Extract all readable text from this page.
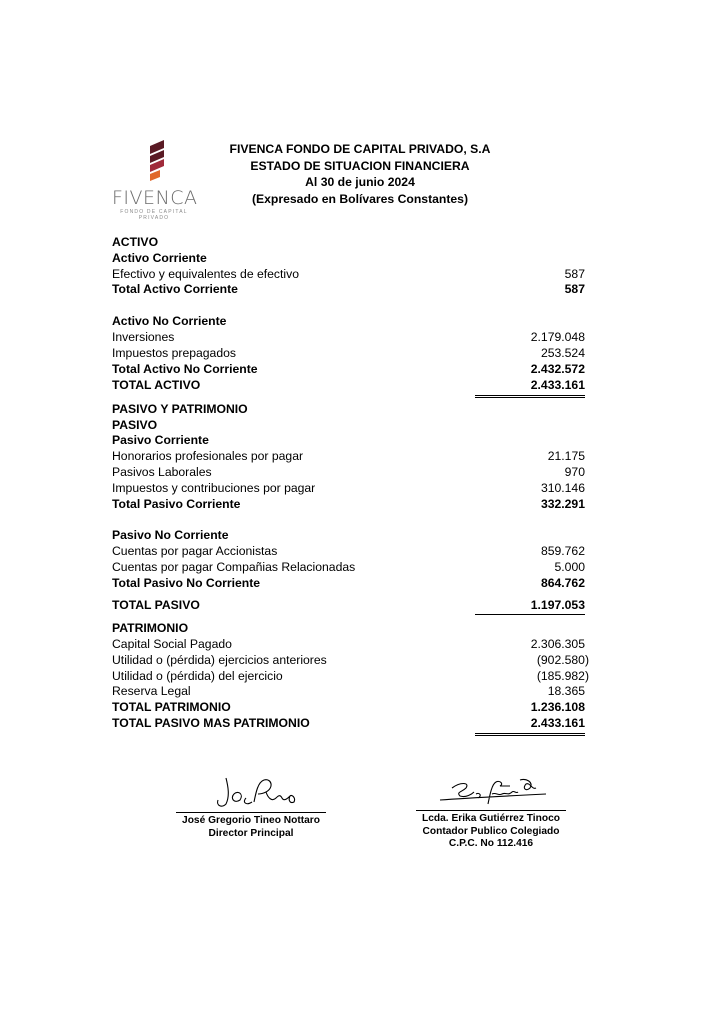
FIVENCA
FONDO DE CAPITAL
PRIVADO
FIVENCA FONDO DE CAPITAL PRIVADO, S.A
ESTADO DE SITUACION FINANCIERA
Al 30 de junio 2024
(Expresado en Bolívares Constantes)
ACTIVO
Activo Corriente
Efectivo y equivalentes de efectivo	587
Total Activo Corriente	587
Activo No Corriente
Inversiones	2.179.048
Impuestos prepagados	253.524
Total Activo No Corriente	2.432.572
TOTAL ACTIVO	2.433.161
PASIVO Y PATRIMONIO
PASIVO
Pasivo Corriente
Honorarios profesionales por pagar	21.175
Pasivos Laborales	970
Impuestos y contribuciones por pagar	310.146
Total Pasivo Corriente	332.291
Pasivo No Corriente
Cuentas por pagar Accionistas	859.762
Cuentas por pagar Compañias Relacionadas	5.000
Total Pasivo No Corriente	864.762
TOTAL PASIVO	1.197.053
PATRIMONIO
Capital Social Pagado	2.306.305
Utilidad o (pérdida) ejercicios anteriores	(902.580)
Utilidad o (pérdida) del ejercicio	(185.982)
Reserva Legal	18.365
TOTAL PATRIMONIO	1.236.108
TOTAL PASIVO MAS PATRIMONIO	2.433.161
José Gregorio Tineo Nottaro
Director Principal
Lcda. Erika Gutiérrez Tinoco
Contador Publico Colegiado
C.P.C. No 112.416
